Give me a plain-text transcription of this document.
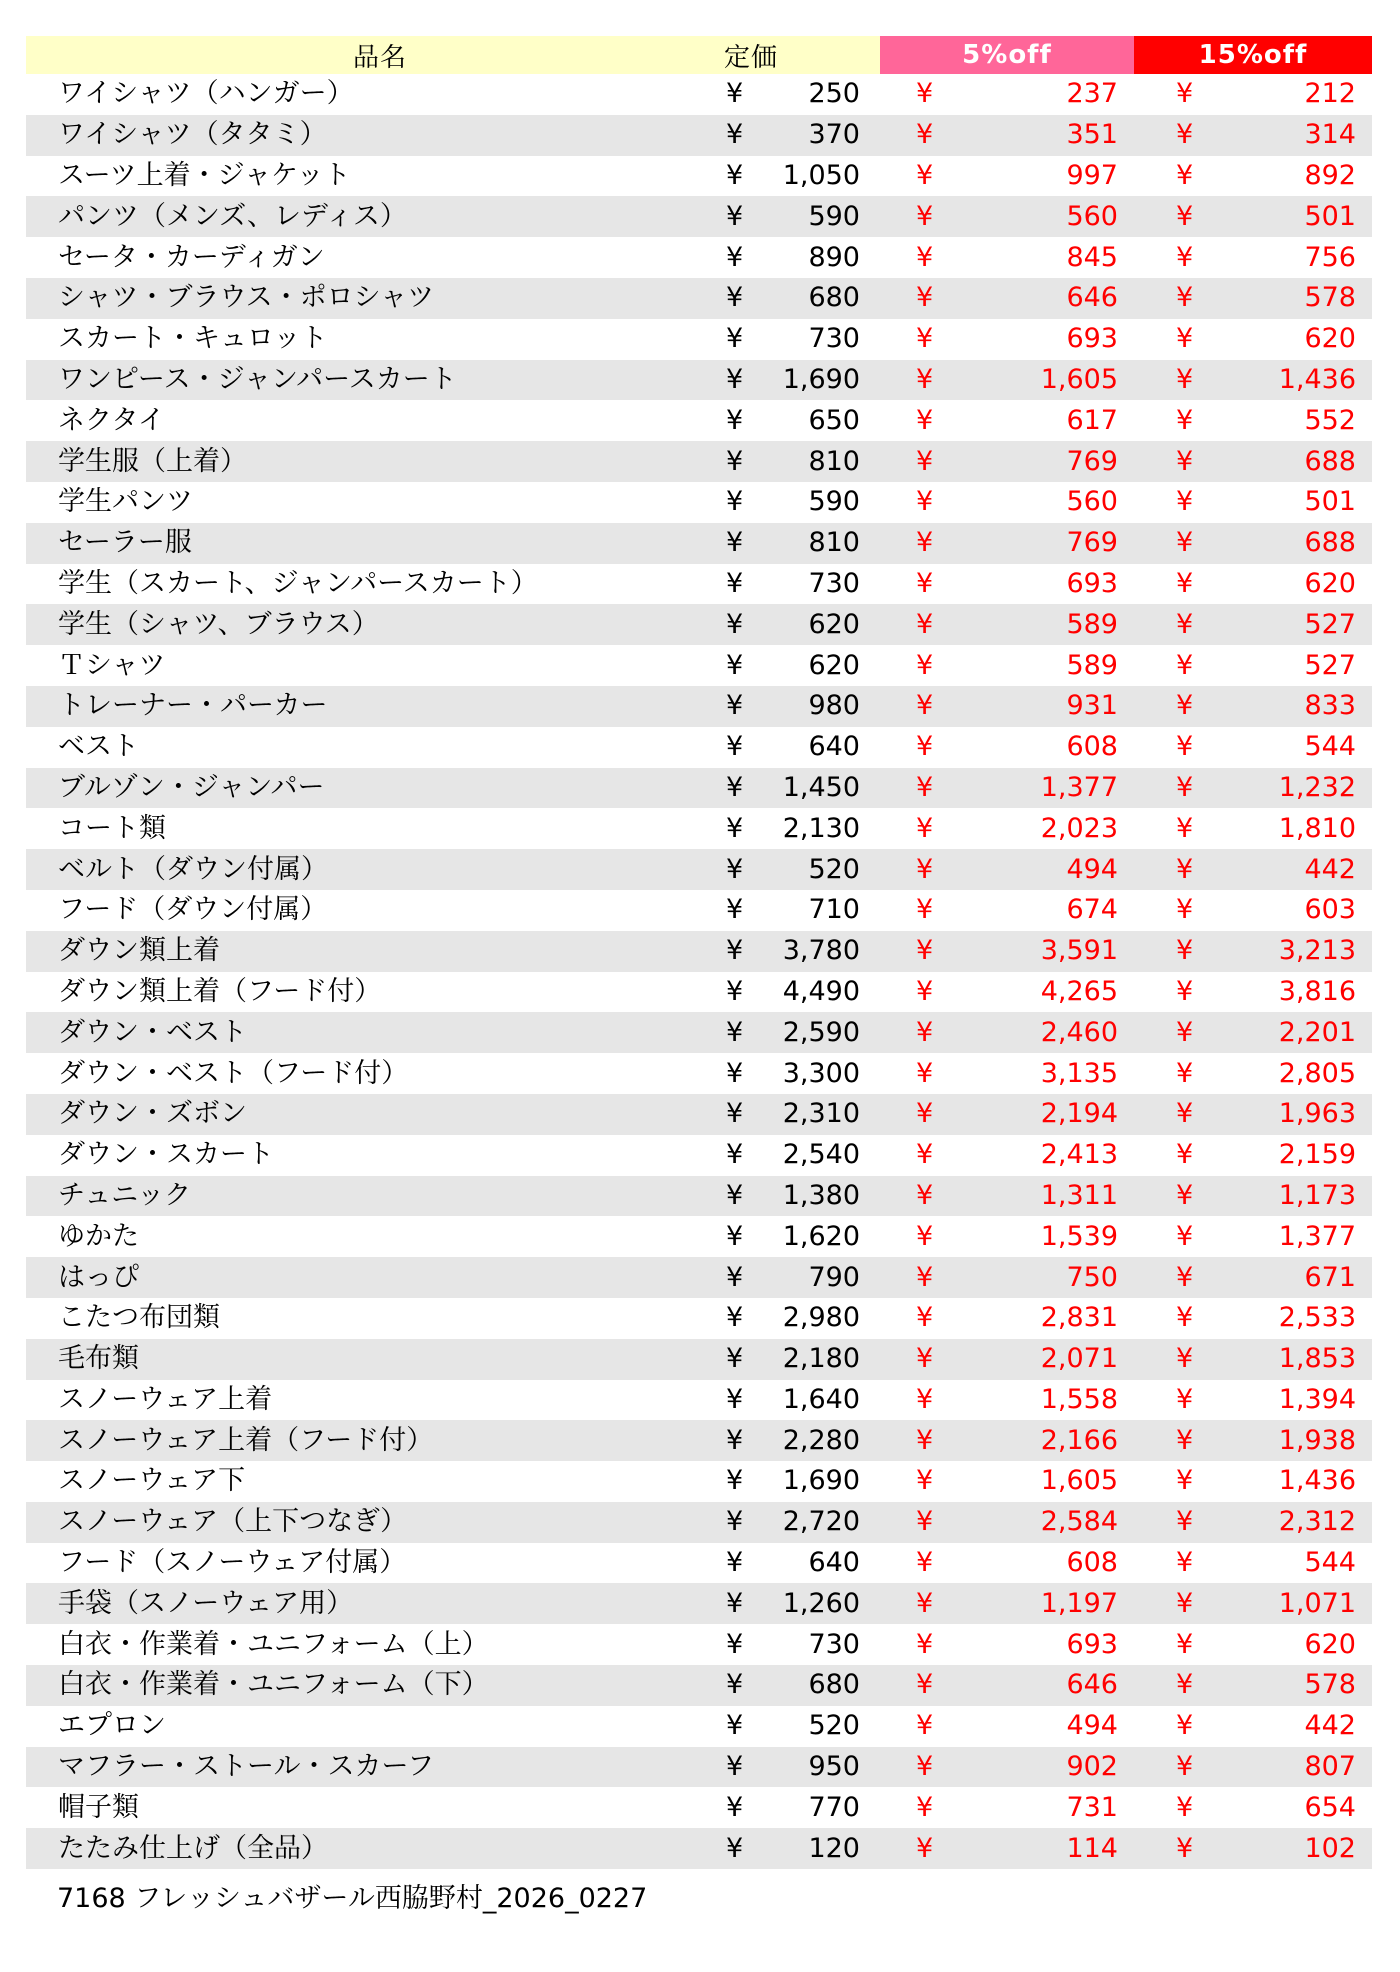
品名	定価	5%off	15%off
ワイシャツ（ハンガー）	¥ 250	¥ 237	¥ 212

ワイシャツ（タタミ）	¥ 370	¥ 351	¥ 314

スーツ上着・ジャケット	¥ 1,050	¥ 997	¥ 892

パンツ（メンズ、レディス）	¥ 590	¥ 560	¥ 501

セータ・カーディガン	¥ 890	¥ 845	¥ 756

シャツ・ブラウス・ポロシャツ	¥ 680	¥ 646	¥ 578

スカート・キュロット	¥ 730	¥ 693	¥ 620

ワンピース・ジャンパースカート	¥ 1,690	¥ 1,605	¥ 1,436

ネクタイ	¥ 650	¥ 617	¥ 552

学生服（上着）	¥ 810	¥ 769	¥ 688

学生パンツ	¥ 590	¥ 560	¥ 501

セーラー服	¥ 810	¥ 769	¥ 688

学生（スカート、ジャンパースカート）	¥ 730	¥ 693	¥ 620

学生（シャツ、ブラウス）	¥ 620	¥ 589	¥ 527

Ｔシャツ	¥ 620	¥ 589	¥ 527

トレーナー・パーカー	¥ 980	¥ 931	¥ 833

ベスト	¥ 640	¥ 608	¥ 544

ブルゾン・ジャンパー	¥ 1,450	¥ 1,377	¥ 1,232

コート類	¥ 2,130	¥ 2,023	¥ 1,810

ベルト（ダウン付属）	¥ 520	¥ 494	¥ 442

フード（ダウン付属）	¥ 710	¥ 674	¥ 603

ダウン類上着	¥ 3,780	¥ 3,591	¥ 3,213

ダウン類上着（フード付）	¥ 4,490	¥ 4,265	¥ 3,816

ダウン・ベスト	¥ 2,590	¥ 2,460	¥ 2,201

ダウン・ベスト（フード付）	¥ 3,300	¥ 3,135	¥ 2,805

ダウン・ズボン	¥ 2,310	¥ 2,194	¥ 1,963

ダウン・スカート	¥ 2,540	¥ 2,413	¥ 2,159

チュニック	¥ 1,380	¥ 1,311	¥ 1,173

ゆかた	¥ 1,620	¥ 1,539	¥ 1,377

はっぴ	¥ 790	¥ 750	¥ 671

こたつ布団類	¥ 2,980	¥ 2,831	¥ 2,533

毛布類	¥ 2,180	¥ 2,071	¥ 1,853

スノーウェア上着	¥ 1,640	¥ 1,558	¥ 1,394

スノーウェア上着（フード付）	¥ 2,280	¥ 2,166	¥ 1,938

スノーウェア下	¥ 1,690	¥ 1,605	¥ 1,436

スノーウェア（上下つなぎ）	¥ 2,720	¥ 2,584	¥ 2,312

フード（スノーウェア付属）	¥ 640	¥ 608	¥ 544

手袋（スノーウェア用）	¥ 1,260	¥ 1,197	¥ 1,071

白衣・作業着・ユニフォーム（上）	¥ 730	¥ 693	¥ 620

白衣・作業着・ユニフォーム（下）	¥ 680	¥ 646	¥ 578

エプロン	¥ 520	¥ 494	¥ 442

マフラー・ストール・スカーフ	¥ 950	¥ 902	¥ 807

帽子類	¥ 770	¥ 731	¥ 654

たたみ仕上げ（全品）	¥ 120	¥ 114	¥ 102
7168 フレッシュバザール西脇野村_2026_0227
